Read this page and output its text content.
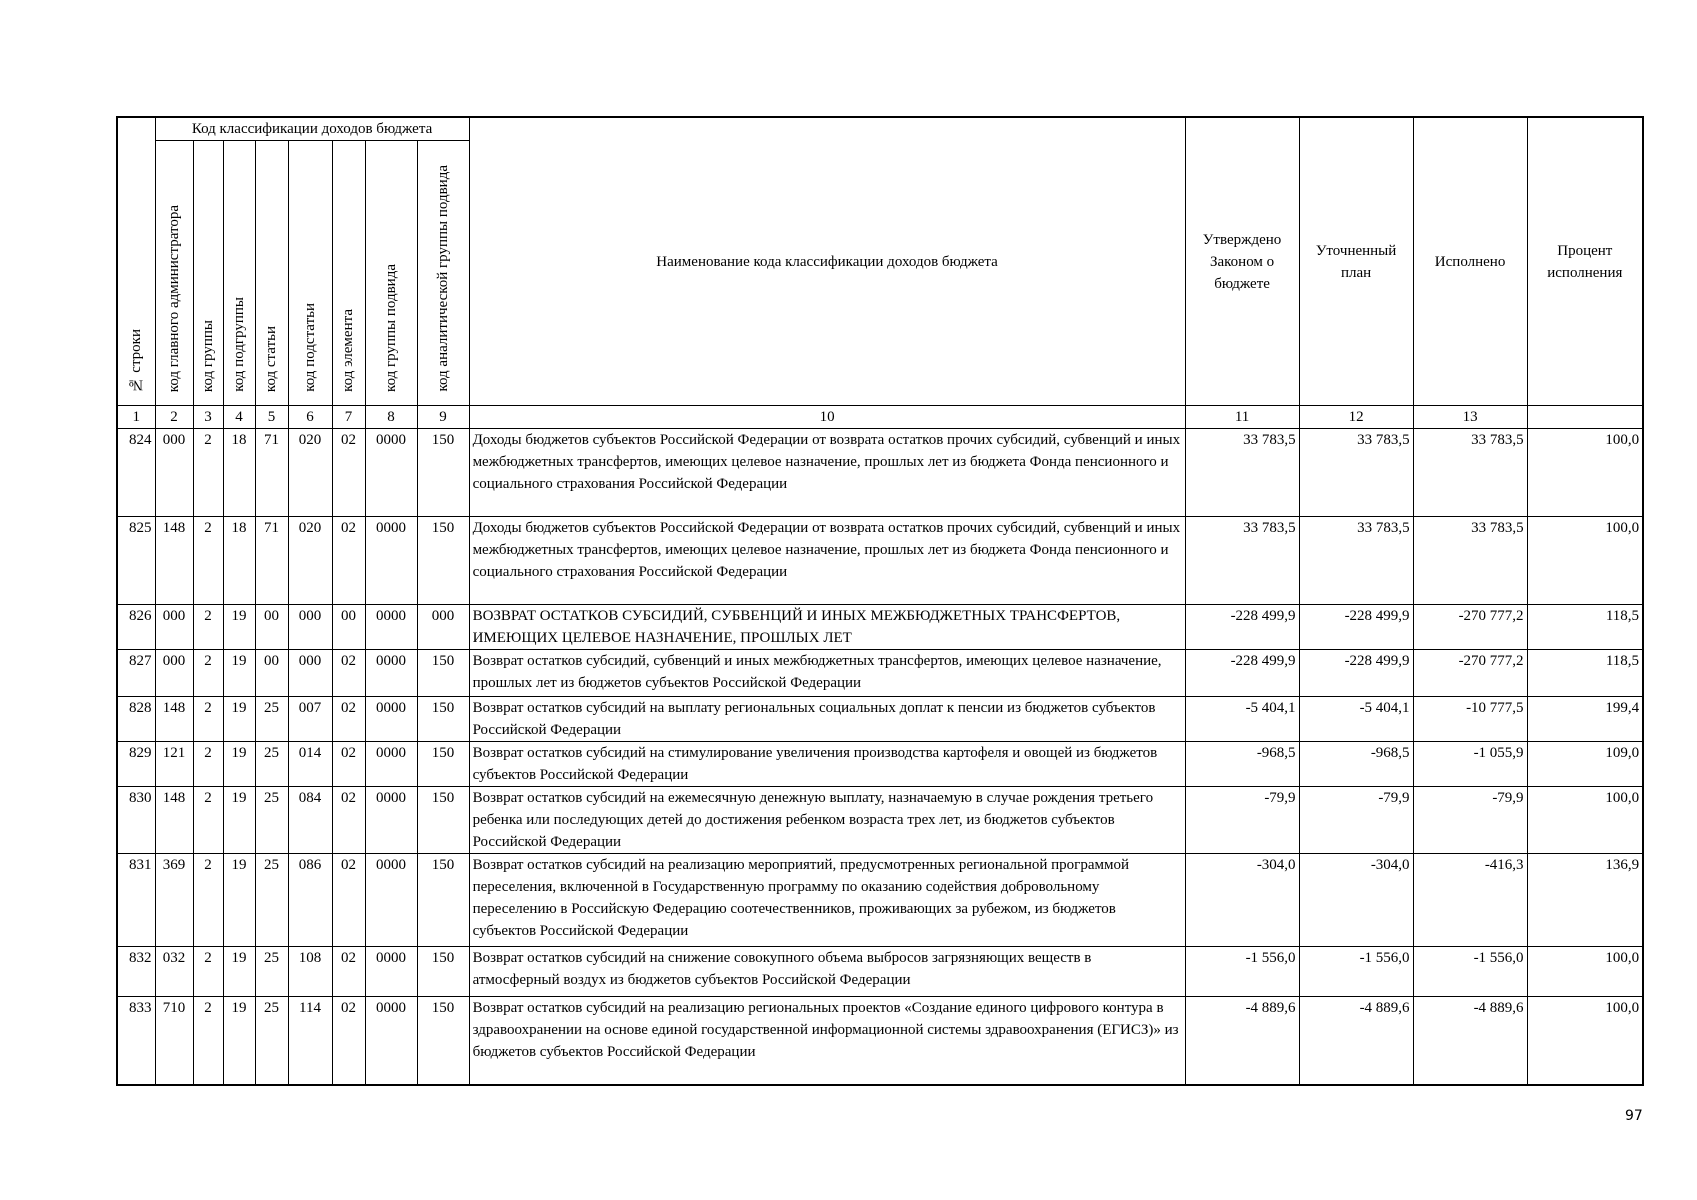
№ строки	Код классификации доходов бюджета								Наименование кода классификации доходов бюджета	Утверждено Законом о бюджете	Уточненный план	Исполнено	Процент исполнения
	код главного администратора	код группы	код подгруппы	код статьи	код подстатьи	код элемента	код группы подвида	код аналитической группы подвида					
1	2	3	4	5	6	7	8	9	10	11	12	13	
824	000	2	18	71	020	02	0000	150	Доходы бюджетов субъектов Российской Федерации от возврата остатков прочих субсидий, субвенций и иных межбюджетных трансфертов, имеющих целевое назначение, прошлых лет из бюджета Фонда пенсионного и социального страхования Российской Федерации	33 783,5	33 783,5	33 783,5	100,0
825	148	2	18	71	020	02	0000	150	Доходы бюджетов субъектов Российской Федерации от возврата остатков прочих субсидий, субвенций и иных межбюджетных трансфертов, имеющих целевое назначение, прошлых лет из бюджета Фонда пенсионного и социального страхования Российской Федерации	33 783,5	33 783,5	33 783,5	100,0
826	000	2	19	00	000	00	0000	000	ВОЗВРАТ ОСТАТКОВ СУБСИДИЙ, СУБВЕНЦИЙ И ИНЫХ МЕЖБЮДЖЕТНЫХ ТРАНСФЕРТОВ, ИМЕЮЩИХ ЦЕЛЕВОЕ НАЗНАЧЕНИЕ, ПРОШЛЫХ ЛЕТ	-228 499,9	-228 499,9	-270 777,2	118,5
827	000	2	19	00	000	02	0000	150	Возврат остатков субсидий, субвенций и иных межбюджетных трансфертов, имеющих целевое назначение, прошлых лет из бюджетов субъектов Российской Федерации	-228 499,9	-228 499,9	-270 777,2	118,5
828	148	2	19	25	007	02	0000	150	Возврат остатков субсидий на выплату региональных социальных доплат к пенсии из бюджетов субъектов Российской Федерации	-5 404,1	-5 404,1	-10 777,5	199,4
829	121	2	19	25	014	02	0000	150	Возврат остатков субсидий на стимулирование увеличения производства картофеля и овощей из бюджетов субъектов Российской Федерации	-968,5	-968,5	-1 055,9	109,0
830	148	2	19	25	084	02	0000	150	Возврат остатков субсидий на ежемесячную денежную выплату, назначаемую в случае рождения третьего ребенка или последующих детей до достижения ребенком возраста трех лет, из бюджетов субъектов Российской Федерации	-79,9	-79,9	-79,9	100,0
831	369	2	19	25	086	02	0000	150	Возврат остатков субсидий на реализацию мероприятий, предусмотренных региональной программой переселения, включенной в Государственную программу по оказанию содействия добровольному переселению в Российскую Федерацию соотечественников, проживающих за рубежом, из бюджетов субъектов Российской Федерации	-304,0	-304,0	-416,3	136,9
832	032	2	19	25	108	02	0000	150	Возврат остатков субсидий на снижение совокупного объема выбросов загрязняющих веществ в атмосферный воздух из бюджетов субъектов Российской Федерации	-1 556,0	-1 556,0	-1 556,0	100,0
833	710	2	19	25	114	02	0000	150	Возврат остатков субсидий на реализацию региональных проектов «Создание единого цифрового контура в здравоохранении на основе единой государственной информационной системы здравоохранения (ЕГИСЗ)» из бюджетов субъектов Российской Федерации	-4 889,6	-4 889,6	-4 889,6	100,0
97
